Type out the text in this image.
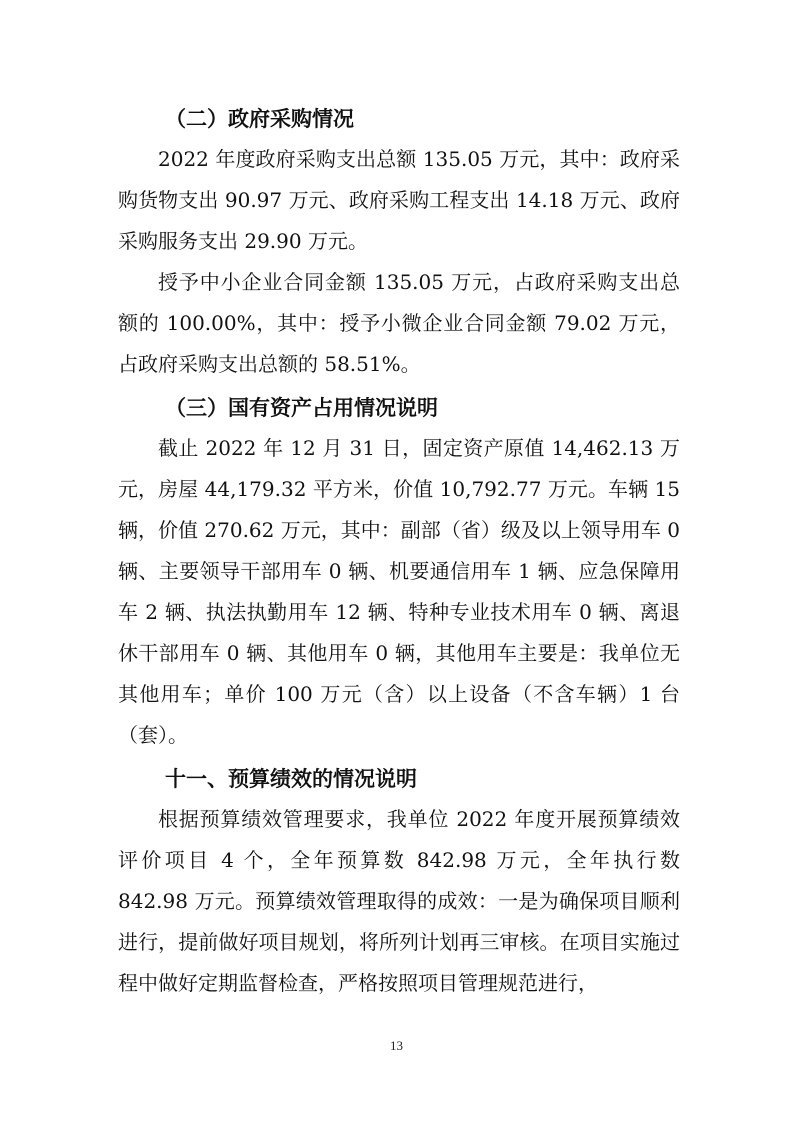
（二）政府采购情况

2022 年度政府采购支出总额 135.05 万元，其中：政府采购货物支出 90.97 万元、政府采购工程支出 14.18 万元、政府采购服务支出 29.90 万元。

授予中小企业合同金额 135.05 万元，占政府采购支出总额的 100.00%，其中：授予小微企业合同金额 79.02 万元，占政府采购支出总额的 58.51%。

（三）国有资产占用情况说明

截止 2022 年 12 月 31 日，固定资产原值 14,462.13 万元，房屋 44,179.32 平方米，价值 10,792.77 万元。车辆 15 辆，价值 270.62 万元，其中：副部（省）级及以上领导用车 0 辆、主要领导干部用车 0 辆、机要通信用车 1 辆、应急保障用车 2 辆、执法执勤用车 12 辆、特种专业技术用车 0 辆、离退休干部用车 0 辆、其他用车 0 辆，其他用车主要是：我单位无其他用车；单价 100 万元（含）以上设备（不含车辆）1 台（套）。

十一、预算绩效的情况说明

根据预算绩效管理要求，我单位 2022 年度开展预算绩效评价项目 4 个，全年预算数 842.98 万元，全年执行数 842.98 万元。预算绩效管理取得的成效：一是为确保项目顺利进行，提前做好项目规划，将所列计划再三审核。在项目实施过程中做好定期监督检查，严格按照项目管理规范进行，

13
